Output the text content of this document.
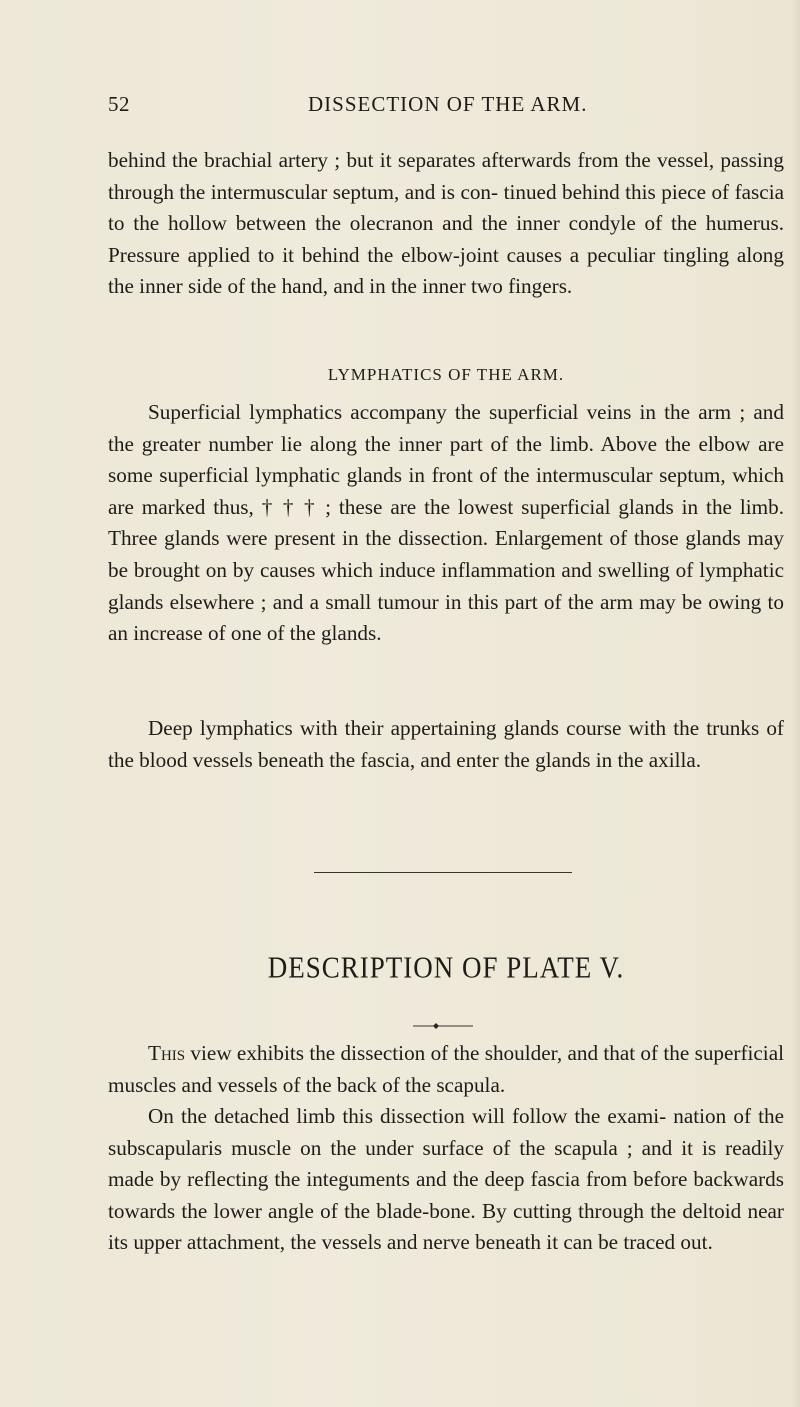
52	DISSECTION OF THE ARM.

behind the brachial artery ; but it separates afterwards from the vessel, passing through the intermuscular septum, and is con- tinued behind this piece of fascia to the hollow between the olecranon and the inner condyle of the humerus. Pressure applied to it behind the elbow-joint causes a peculiar tingling along the inner side of the hand, and in the inner two fingers.

LYMPHATICS OF THE ARM.

Superficial lymphatics accompany the superficial veins in the arm ; and the greater number lie along the inner part of the limb. Above the elbow are some superficial lymphatic glands in front of the intermuscular septum, which are marked thus, † † † ; these are the lowest superficial glands in the limb. Three glands were present in the dissection. Enlargement of those glands may be brought on by causes which induce inflammation and swelling of lymphatic glands elsewhere ; and a small tumour in this part of the arm may be owing to an increase of one of the glands.

Deep lymphatics with their appertaining glands course with the trunks of the blood vessels beneath the fascia, and enter the glands in the axilla.

DESCRIPTION OF PLATE V.

This view exhibits the dissection of the shoulder, and that of the superficial muscles and vessels of the back of the scapula.

On the detached limb this dissection will follow the exami- nation of the subscapularis muscle on the under surface of the scapula ; and it is readily made by reflecting the integuments and the deep fascia from before backwards towards the lower angle of the blade-bone. By cutting through the deltoid near its upper attachment, the vessels and nerve beneath it can be traced out.
